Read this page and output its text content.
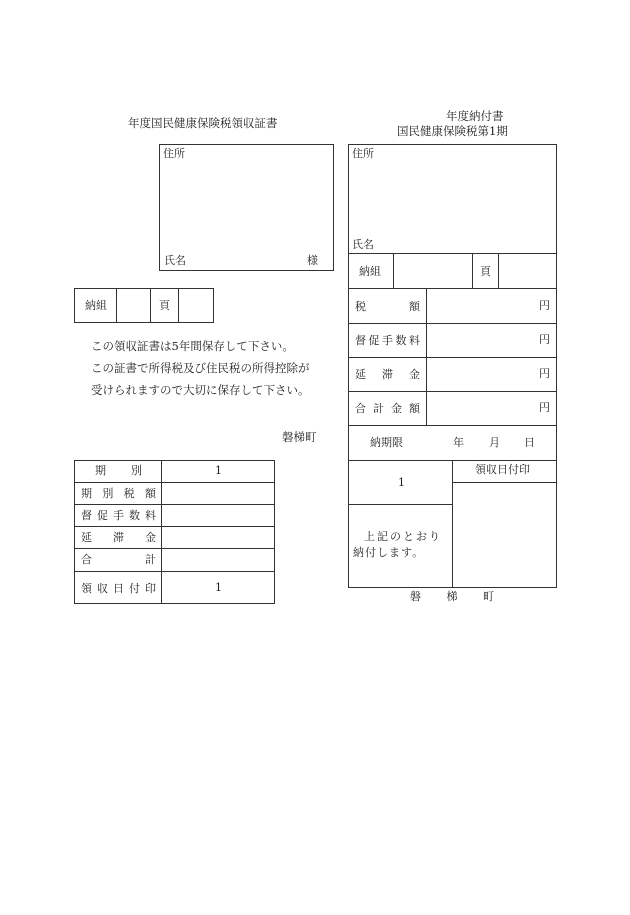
年度国民健康保険税領収証書
住所
氏名	様
納組	頁
この領収証書は5年間保存して下さい。
この証書で所得税及び住民税の所得控除が
受けられますので大切に保存して下さい。
磐梯町
期 別	1
期 別 税 額
督 促 手 数 料
延 滞 金
合	計
領 収 日 付 印	1
年度納付書
国民健康保険税第1期
住所
氏名
納組	頁
税	額	円
督 促 手 数 料	円
延 滞 金	円
合 計 金 額	円
納期限	年 月 日
1
領収日付印
上記のとおり
納付します。
磐 梯 町
